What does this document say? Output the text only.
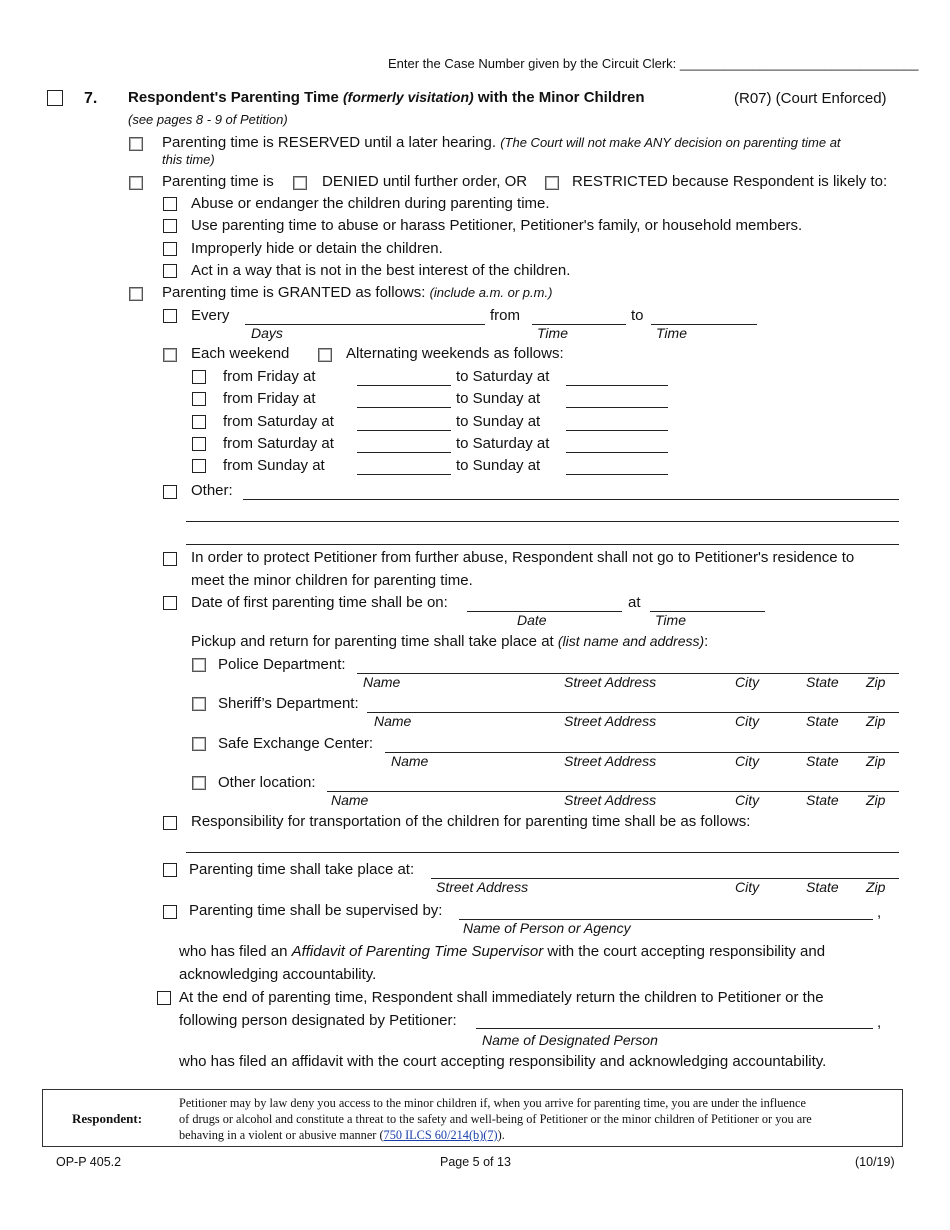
Enter the Case Number given by the Circuit Clerk: _________________________________
7. Respondent's Parenting Time (formerly visitation) with the Minor Children	(R07) (Court Enforced)
(see pages 8 - 9 of Petition)
Parenting time is RESERVED until a later hearing. (The Court will not make ANY decision on parenting time at
this time)
Parenting time is	DENIED until further order, OR	RESTRICTED because Respondent is likely to:
Abuse or endanger the children during parenting time.
Use parenting time to abuse or harass Petitioner, Petitioner's family, or household members.
Improperly hide or detain the children.
Act in a way that is not in the best interest of the children.
Parenting time is GRANTED as follows: (include a.m. or p.m.)
Every	from	to
Days	Time	Time
Each weekend	Alternating weekends as follows:
from Friday at	to Saturday at
from Friday at	to Sunday at
from Saturday at	to Sunday at
from Saturday at	to Saturday at
from Sunday at	to Sunday at
Other:
In order to protect Petitioner from further abuse, Respondent shall not go to Petitioner's residence to
meet the minor children for parenting time.
Date of first parenting time shall be on:	at
Date	Time
Pickup and return for parenting time shall take place at (list name and address):
Police Department:
Name	Street Address	City	State Zip
Sheriff’s Department:
Name	Street Address	City	State Zip
Safe Exchange Center:
Name	Street Address	City	State Zip
Other location:
Name	Street Address	City	State Zip
Responsibility for transportation of the children for parenting time shall be as follows:
Parenting time shall take place at:
Street Address	City	State Zip
Parenting time shall be supervised by:	,
Name of Person or Agency
who has filed an Affidavit of Parenting Time Supervisor with the court accepting responsibility and
acknowledging accountability.
At the end of parenting time, Respondent shall immediately return the children to Petitioner or the
following person designated by Petitioner:	,
Name of Designated Person
who has filed an affidavit with the court accepting responsibility and acknowledging accountability.
Respondent:
Petitioner may by law deny you access to the minor children if, when you arrive for parenting time, you are under the influence
of drugs or alcohol and constitute a threat to the safety and well-being of Petitioner or the minor children of Petitioner or you are
behaving in a violent or abusive manner (750 ILCS 60/214(b)(7)).
OP-P 405.2	Page 5 of 13	(10/19)
